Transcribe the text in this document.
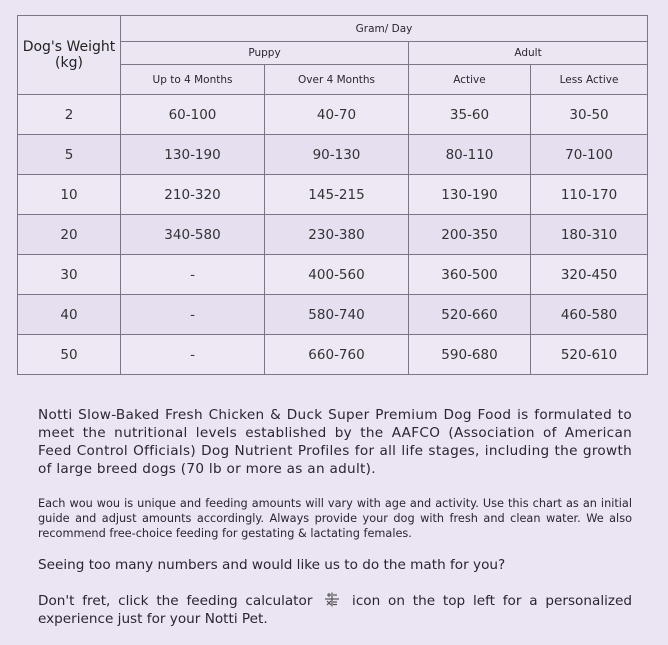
Dog's Weight (kg)	Gram/ Day			
	Puppy		Adult	
	Up to 4 Months	Over 4 Months	Active	Less Active
2	60-100	40-70	35-60	30-50
5	130-190	90-130	80-110	70-100
10	210-320	145-215	130-190	110-170
20	340-580	230-380	200-350	180-310
30	-	400-560	360-500	320-450
40	-	580-740	520-660	460-580
50	-	660-760	590-680	520-610
Notti Slow-Baked Fresh Chicken & Duck Super Premium Dog Food is formulated to meet the nutritional levels established by the AAFCO (Association of American Feed Control Officials) Dog Nutrient Profiles for all life stages, including the growth of large breed dogs (70 lb or more as an adult).
Each wou wou is unique and feeding amounts will vary with age and activity. Use this chart as an initial guide and adjust amounts accordingly. Always provide your dog with fresh and clean water. We also recommend free-choice feeding for gestating & lactating females.
Seeing too many numbers and would like us to do the math for you?
Don't fret, click the feeding calculator	icon on the top left for a personalized experience just for your Notti Pet.
